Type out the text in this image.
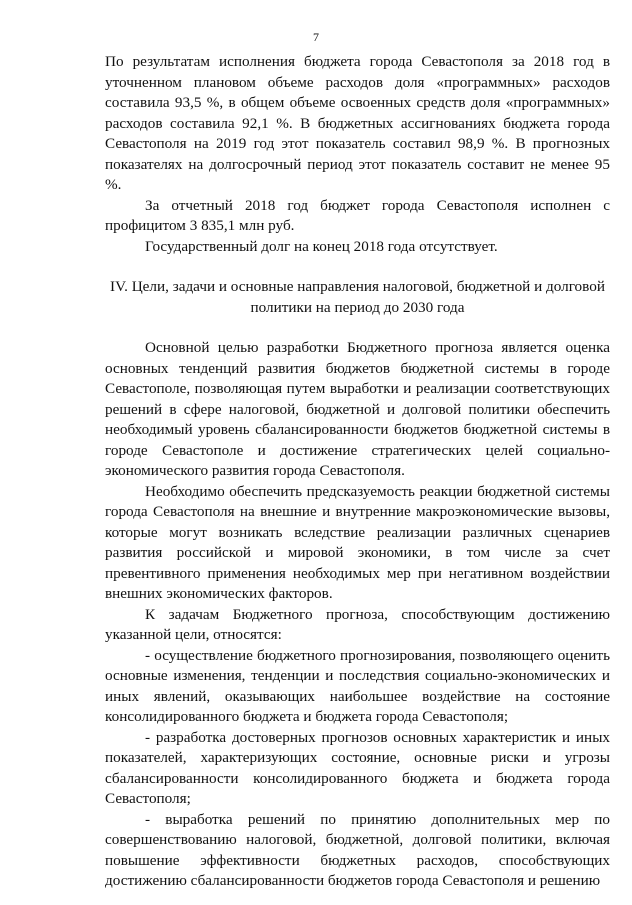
7

По результатам исполнения бюджета города Севастополя за 2018 год в уточненном плановом объеме расходов доля «программных» расходов составила 93,5 %, в общем объеме освоенных средств доля «программных» расходов составила 92,1 %. В бюджетных ассигнованиях бюджета города Севастополя на 2019 год этот показатель составил 98,9 %. В прогнозных показателях на долгосрочный период этот показатель составит не менее 95 %.

За отчетный 2018 год бюджет города Севастополя исполнен с профицитом 3 835,1 млн руб.

Государственный долг на конец 2018 года отсутствует.

IV. Цели, задачи и основные направления налоговой, бюджетной и долговой политики на период до 2030 года

Основной целью разработки Бюджетного прогноза является оценка основных тенденций развития бюджетов бюджетной системы в городе Севастополе, позволяющая путем выработки и реализации соответствующих решений в сфере налоговой, бюджетной и долговой политики обеспечить необходимый уровень сбалансированности бюджетов бюджетной системы в городе Севастополе и достижение стратегических целей социально-экономического развития города Севастополя.

Необходимо обеспечить предсказуемость реакции бюджетной системы города Севастополя на внешние и внутренние макроэкономические вызовы, которые могут возникать вследствие реализации различных сценариев развития российской и мировой экономики, в том числе за счет превентивного применения необходимых мер при негативном воздействии внешних экономических факторов.

К задачам Бюджетного прогноза, способствующим достижению указанной цели, относятся:

- осуществление бюджетного прогнозирования, позволяющего оценить основные изменения, тенденции и последствия социально-экономических и иных явлений, оказывающих наибольшее воздействие на состояние консолидированного бюджета и бюджета города Севастополя;

- разработка достоверных прогнозов основных характеристик и иных показателей, характеризующих состояние, основные риски и угрозы сбалансированности консолидированного бюджета и бюджета города Севастополя;

- выработка решений по принятию дополнительных мер по совершенствованию налоговой, бюджетной, долговой политики, включая повышение эффективности бюджетных расходов, способствующих достижению сбалансированности бюджетов города Севастополя и решению
